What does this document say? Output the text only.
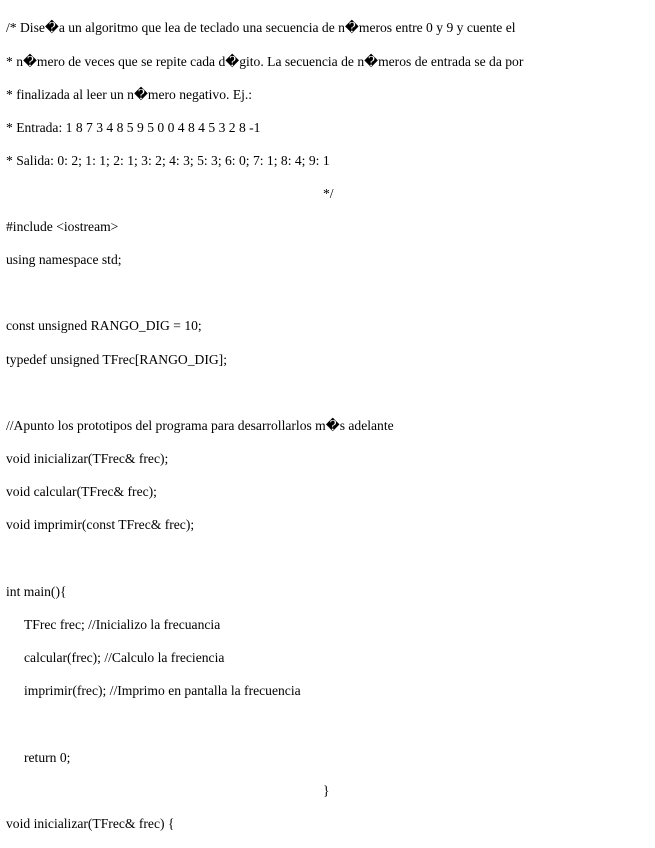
/* Dise�a un algoritmo que lea de teclado una secuencia de n�meros entre 0 y 9 y cuente el
* n�mero de veces que se repite cada d�gito. La secuencia de n�meros de entrada se da por
* finalizada al leer un n�mero negativo. Ej.:
* Entrada: 1 8 7 3 4 8 5 9 5 0 0 4 8 4 5 3 2 8 -1
* Salida: 0: 2; 1: 1; 2: 1; 3: 2; 4: 3; 5: 3; 6: 0; 7: 1; 8: 4; 9: 1
*/
#include <iostream>
using namespace std;
const unsigned RANGO_DIG = 10;
typedef unsigned TFrec[RANGO_DIG];
//Apunto los prototipos del programa para desarrollarlos m�s adelante
void inicializar(TFrec& frec);
void calcular(TFrec& frec);
void imprimir(const TFrec& frec);
int main(){
TFrec frec; //Inicializo la frecuancia
calcular(frec); //Calculo la freciencia
imprimir(frec); //Imprimo en pantalla la frecuencia
return 0;
}
void inicializar(TFrec& frec) {
